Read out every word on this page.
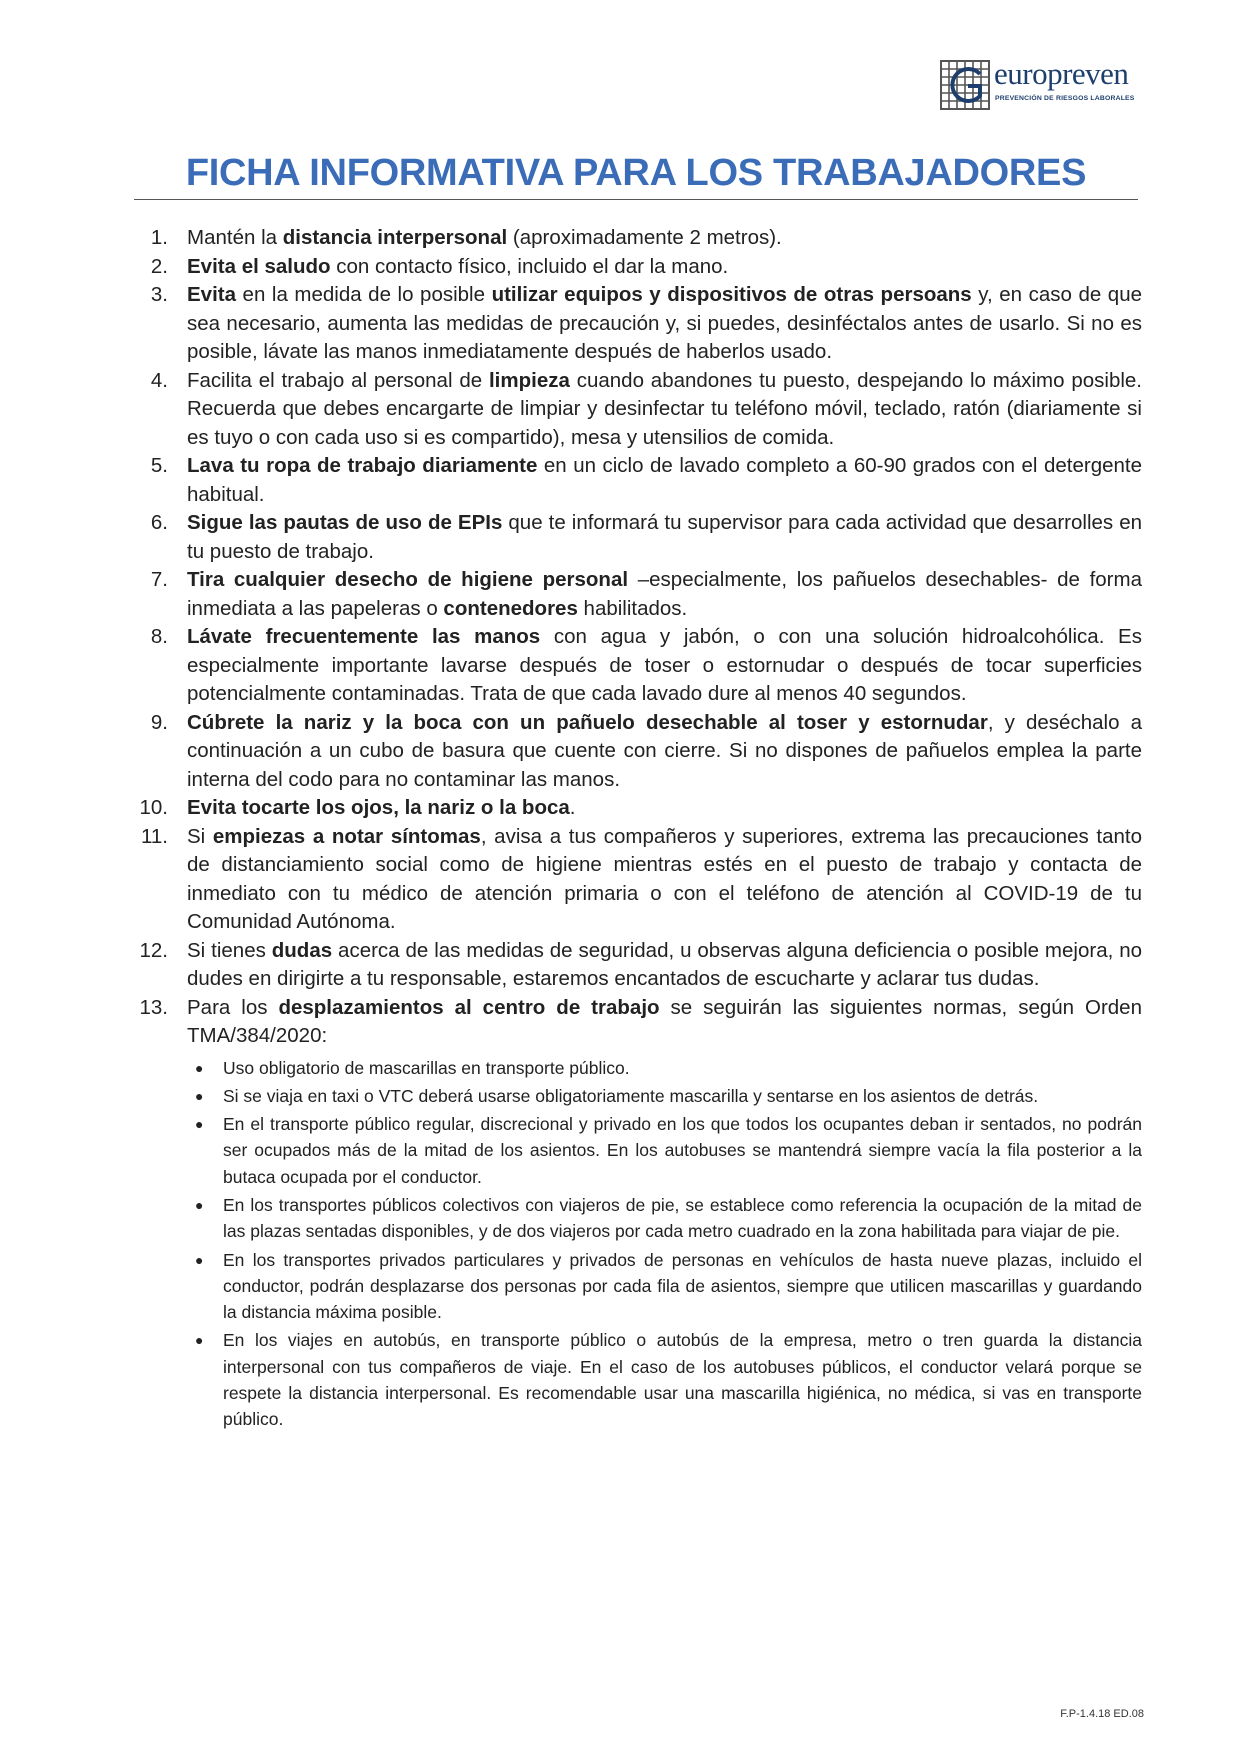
europreven
PREVENCIÓN DE RIESGOS LABORALES
FICHA INFORMATIVA PARA LOS TRABAJADORES
1. Mantén la distancia interpersonal (aproximadamente 2 metros).
2. Evita el saludo con contacto físico, incluido el dar la mano.
3. Evita en la medida de lo posible utilizar equipos y dispositivos de otras persoans y, en caso de que sea necesario, aumenta las medidas de precaución y, si puedes, desinféctalos antes de usarlo. Si no es posible, lávate las manos inmediatamente después de haberlos usado.
4. Facilita el trabajo al personal de limpieza cuando abandones tu puesto, despejando lo máximo posible. Recuerda que debes encargarte de limpiar y desinfectar tu teléfono móvil, teclado, ratón (diariamente si es tuyo o con cada uso si es compartido), mesa y utensilios de comida.
5. Lava tu ropa de trabajo diariamente en un ciclo de lavado completo a 60-90 grados con el detergente habitual.
6. Sigue las pautas de uso de EPIs que te informará tu supervisor para cada actividad que desarrolles en tu puesto de trabajo.
7. Tira cualquier desecho de higiene personal –especialmente, los pañuelos desechables- de forma inmediata a las papeleras o contenedores habilitados.
8. Lávate frecuentemente las manos con agua y jabón, o con una solución hidroalcohólica. Es especialmente importante lavarse después de toser o estornudar o después de tocar superficies potencialmente contaminadas. Trata de que cada lavado dure al menos 40 segundos.
9. Cúbrete la nariz y la boca con un pañuelo desechable al toser y estornudar, y deséchalo a continuación a un cubo de basura que cuente con cierre. Si no dispones de pañuelos emplea la parte interna del codo para no contaminar las manos.
10. Evita tocarte los ojos, la nariz o la boca.
11. Si empiezas a notar síntomas, avisa a tus compañeros y superiores, extrema las precauciones tanto de distanciamiento social como de higiene mientras estés en el puesto de trabajo y contacta de inmediato con tu médico de atención primaria o con el teléfono de atención al COVID-19 de tu Comunidad Autónoma.
12. Si tienes dudas acerca de las medidas de seguridad, u observas alguna deficiencia o posible mejora, no dudes en dirigirte a tu responsable, estaremos encantados de escucharte y aclarar tus dudas.
13. Para los desplazamientos al centro de trabajo se seguirán las siguientes normas, según Orden TMA/384/2020:
● Uso obligatorio de mascarillas en transporte público.
● Si se viaja en taxi o VTC deberá usarse obligatoriamente mascarilla y sentarse en los asientos de detrás.
● En el transporte público regular, discrecional y privado en los que todos los ocupantes deban ir sentados, no podrán ser ocupados más de la mitad de los asientos. En los autobuses se mantendrá siempre vacía la fila posterior a la butaca ocupada por el conductor.
● En los transportes públicos colectivos con viajeros de pie, se establece como referencia la ocupación de la mitad de las plazas sentadas disponibles, y de dos viajeros por cada metro cuadrado en la zona habilitada para viajar de pie.
● En los transportes privados particulares y privados de personas en vehículos de hasta nueve plazas, incluido el conductor, podrán desplazarse dos personas por cada fila de asientos, siempre que utilicen mascarillas y guardando la distancia máxima posible.
● En los viajes en autobús, en transporte público o autobús de la empresa, metro o tren guarda la distancia interpersonal con tus compañeros de viaje. En el caso de los autobuses públicos, el conductor velará porque se respete la distancia interpersonal. Es recomendable usar una mascarilla higiénica, no médica, si vas en transporte público.
F.P-1.4.18 ED.08
